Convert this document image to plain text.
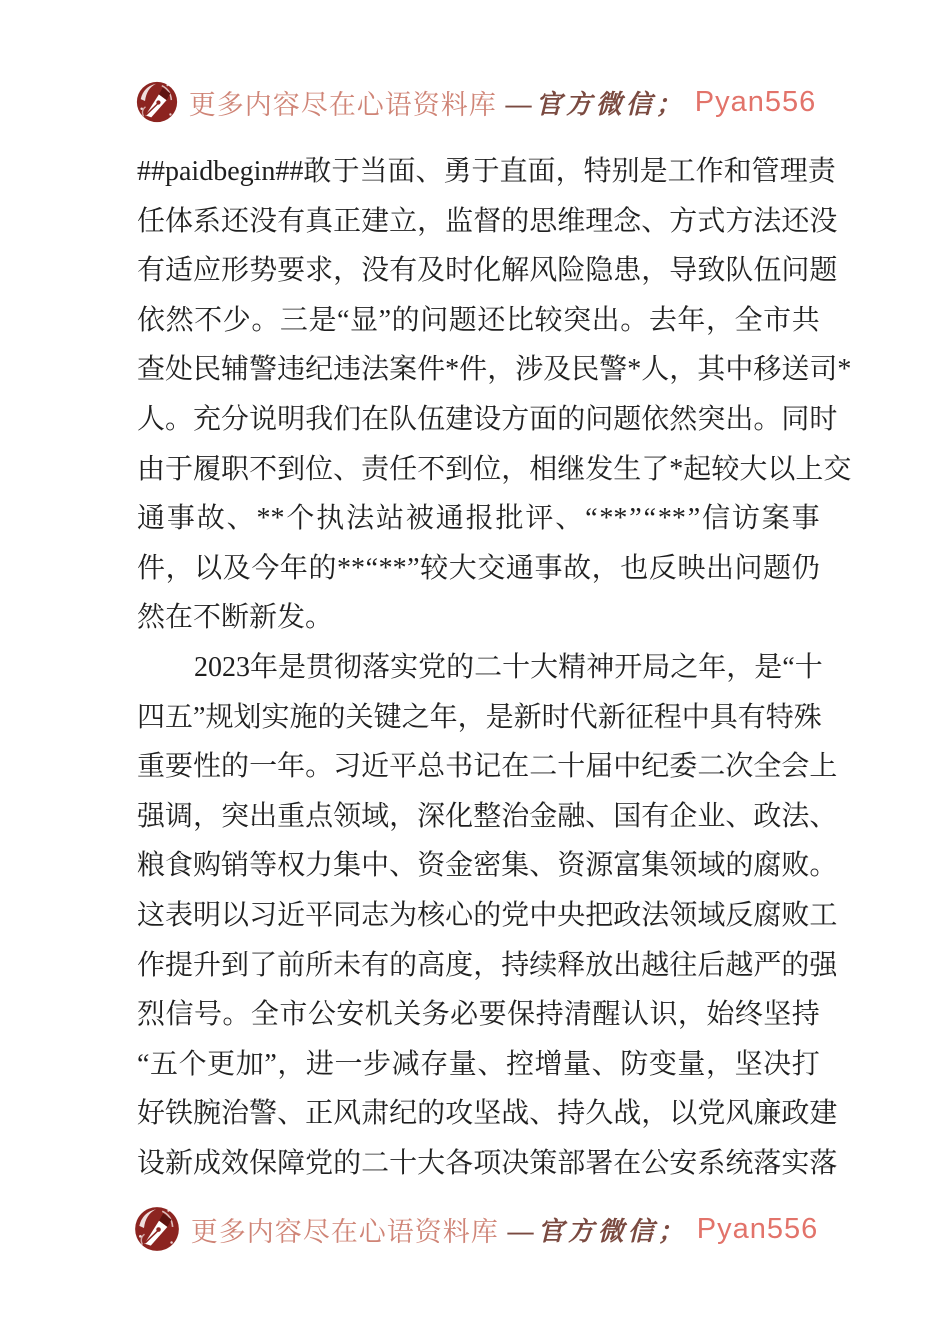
更多内容尽在心语资料库 —官方微信； Pyan556
##paidbegin## 敢 于 当 面 、 勇 于 直 面 ， 特 别 是 工 作 和 管 理 责
任 体 系 还 没 有 真 正 建 立 ， 监 督 的 思 维 理 念 、 方 式 方 法 还 没
有 适 应 形 势 要 求 ， 没 有 及 时 化 解 风 险 隐 患 ， 导 致 队 伍 问 题
依 然 不 少 。 三 是 “ 显 ” 的 问 题 还 比 较 突 出 。 去 年 ， 全 市 共
查 处 民 辅 警 违 纪 违 法 案 件 * 件 ， 涉 及 民 警 * 人 ， 其 中 移 送 司 *
人 。 充 分 说 明 我 们 在 队 伍 建 设 方 面 的 问 题 依 然 突 出 。 同 时
由 于 履 职 不 到 位 、 责 任 不 到 位 ， 相 继 发 生 了 * 起 较 大 以 上 交
通 事 故 、 ** 个 执 法 站 被 通 报 批 评 、 “ ** ” “ ** ” 信 访 案 事
件 ， 以 及 今 年 的 ** “ ** ” 较 大 交 通 事 故 ， 也 反 映 出 问 题 仍
然在不断新发。
2023 年 是 贯 彻 落 实 党 的 二 十 大 精 神 开 局 之 年 ， 是 “ 十
四 五 ” 规 划 实 施 的 关 键 之 年 ， 是 新 时 代 新 征 程 中 具 有 特 殊
重 要 性 的 一 年 。 习 近 平 总 书 记 在 二 十 届 中 纪 委 二 次 全 会 上
强 调 ， 突 出 重 点 领 域 ， 深 化 整 治 金 融 、 国 有 企 业 、 政 法 、
粮 食 购 销 等 权 力 集 中 、 资 金 密 集 、 资 源 富 集 领 域 的 腐 败 。
这 表 明 以 习 近 平 同 志 为 核 心 的 党 中 央 把 政 法 领 域 反 腐 败 工
作 提 升 到 了 前 所 未 有 的 高 度 ， 持 续 释 放 出 越 往 后 越 严 的 强
烈 信 号 。 全 市 公 安 机 关 务 必 要 保 持 清 醒 认 识 ， 始 终 坚 持
“ 五 个 更 加 ” ， 进 一 步 减 存 量 、 控 增 量 、 防 变 量 ， 坚 决 打
好 铁 腕 治 警 、 正 风 肃 纪 的 攻 坚 战 、 持 久 战 ， 以 党 风 廉 政 建
设 新 成 效 保 障 党 的 二 十 大 各 项 决 策 部 署 在 公 安 系 统 落 实 落
更多内容尽在心语资料库 —官方微信； Pyan556
